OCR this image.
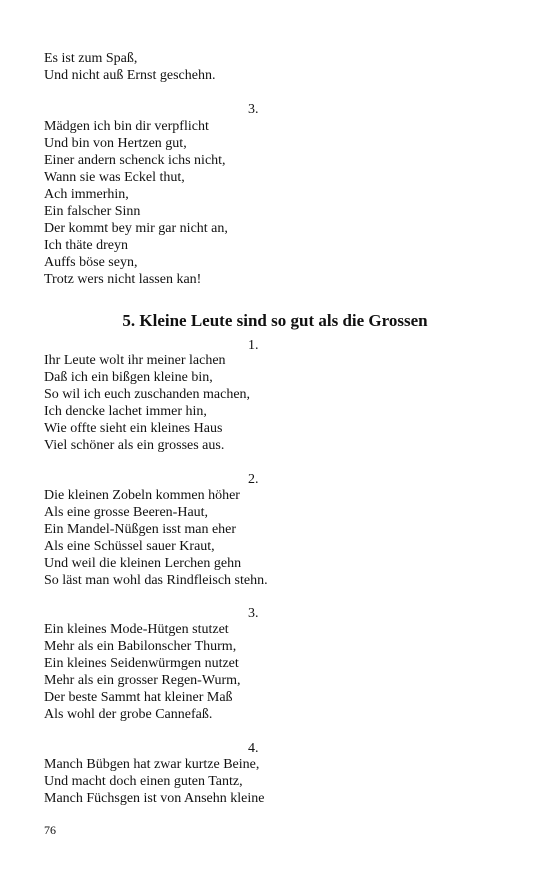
Es ist zum Spaß,
Und nicht auß Ernst geschehn.
3.
Mädgen ich bin dir verpflicht
Und bin von Hertzen gut,
Einer andern schenck ichs nicht,
Wann sie was Eckel thut,
Ach immerhin,
Ein falscher Sinn
Der kommt bey mir gar nicht an,
Ich thäte dreyn
Auffs böse seyn,
Trotz wers nicht lassen kan!
5. Kleine Leute sind so gut als die Grossen
1.
Ihr Leute wolt ihr meiner lachen
Daß ich ein bißgen kleine bin,
So wil ich euch zuschanden machen,
Ich dencke lachet immer hin,
Wie offte sieht ein kleines Haus
Viel schöner als ein grosses aus.
2.
Die kleinen Zobeln kommen höher
Als eine grosse Beeren-Haut,
Ein Mandel-Nüßgen isst man eher
Als eine Schüssel sauer Kraut,
Und weil die kleinen Lerchen gehn
So läst man wohl das Rindfleisch stehn.
3.
Ein kleines Mode-Hütgen stutzet
Mehr als ein Babilonscher Thurm,
Ein kleines Seidenwürmgen nutzet
Mehr als ein grosser Regen-Wurm,
Der beste Sammt hat kleiner Maß
Als wohl der grobe Cannefaß.
4.
Manch Bübgen hat zwar kurtze Beine,
Und macht doch einen guten Tantz,
Manch Füchsgen ist von Ansehn kleine
76
